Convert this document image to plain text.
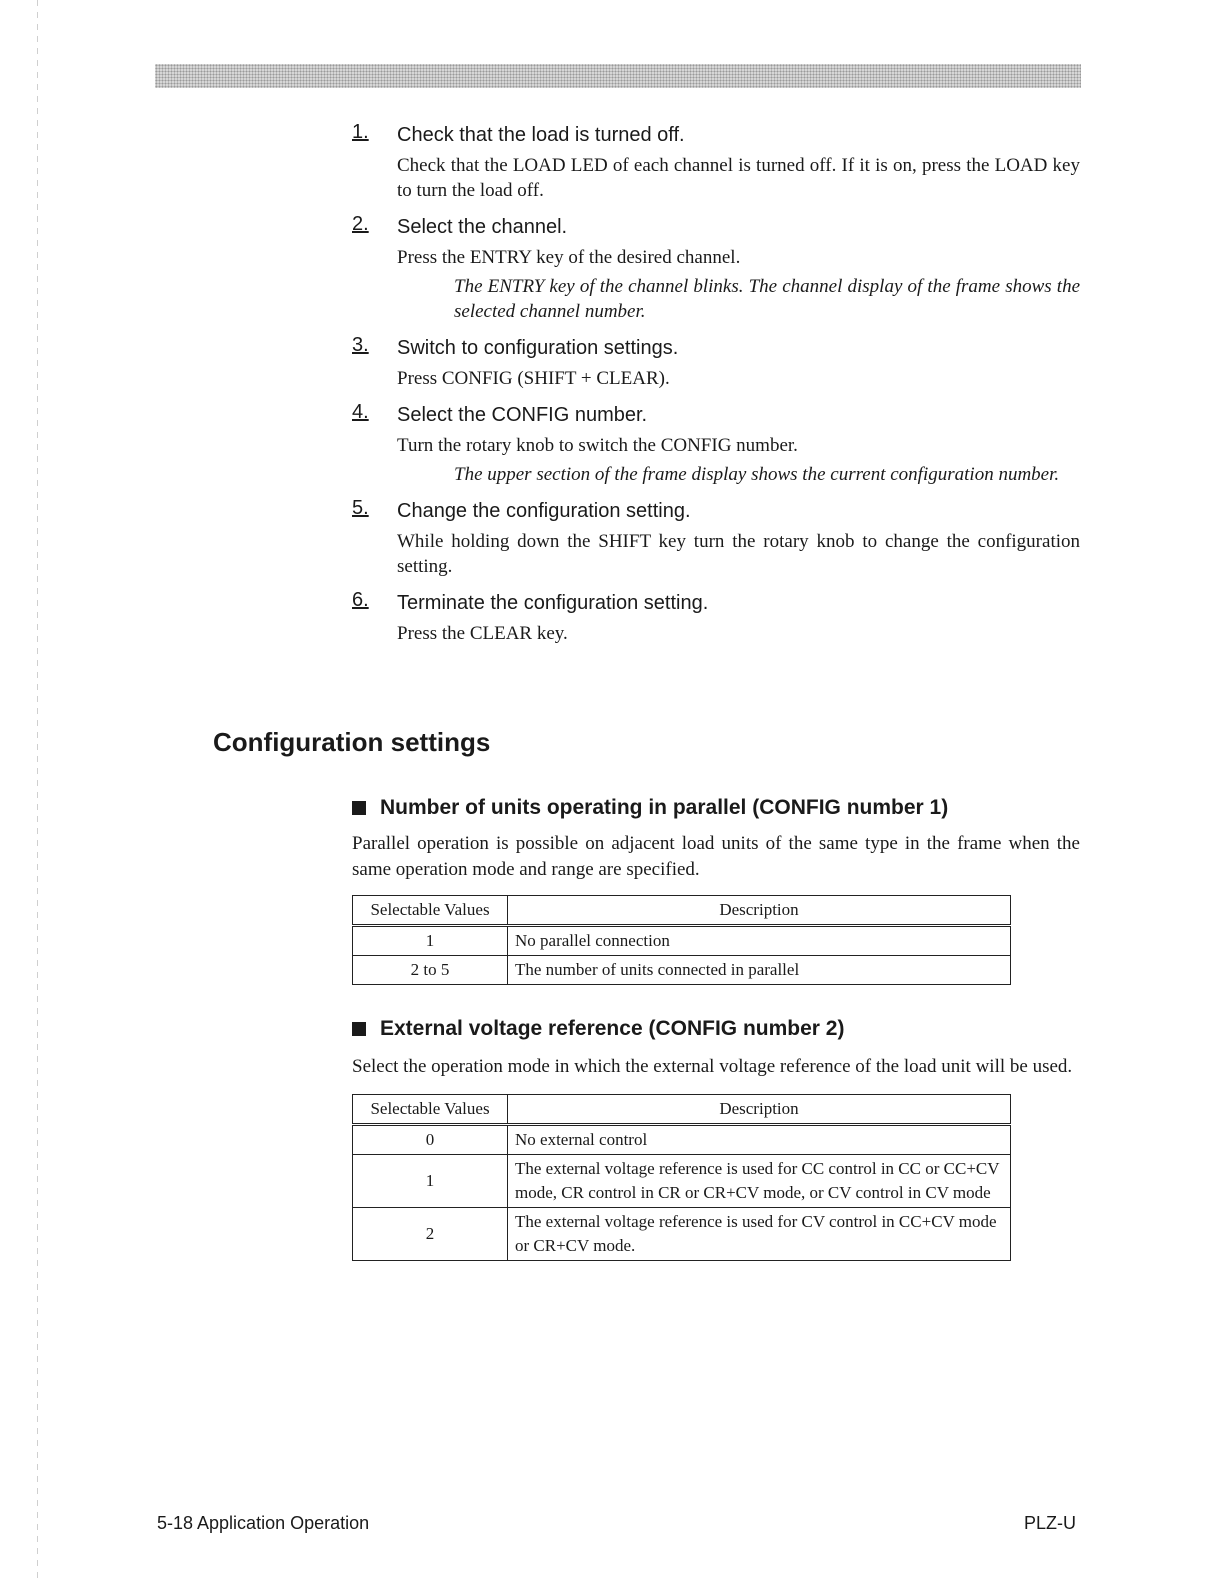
1. Check that the load is turned off.
Check that the LOAD LED of each channel is turned off. If it is on, press the LOAD key to turn the load off.
2. Select the channel.
Press the ENTRY key of the desired channel.
The ENTRY key of the channel blinks. The channel display of the frame shows the selected channel number.
3. Switch to configuration settings.
Press CONFIG (SHIFT + CLEAR).
4. Select the CONFIG number.
Turn the rotary knob to switch the CONFIG number.
The upper section of the frame display shows the current configuration number.
5. Change the configuration setting.
While holding down the SHIFT key turn the rotary knob to change the configuration setting.
6. Terminate the configuration setting.
Press the CLEAR key.
Configuration settings
Number of units operating in parallel (CONFIG number 1)
Parallel operation is possible on adjacent load units of the same type in the frame when the same operation mode and range are specified.
Selectable Values	Description
1	No parallel connection
2 to 5	The number of units connected in parallel
External voltage reference (CONFIG number 2)
Select the operation mode in which the external voltage reference of the load unit will be used.
Selectable Values	Description
0	No external control
1	The external voltage reference is used for CC control in CC or CC+CV mode, CR control in CR or CR+CV mode, or CV control in CV mode
2	The external voltage reference is used for CV control in CC+CV mode or CR+CV mode.
5-18 Application Operation	PLZ-U
